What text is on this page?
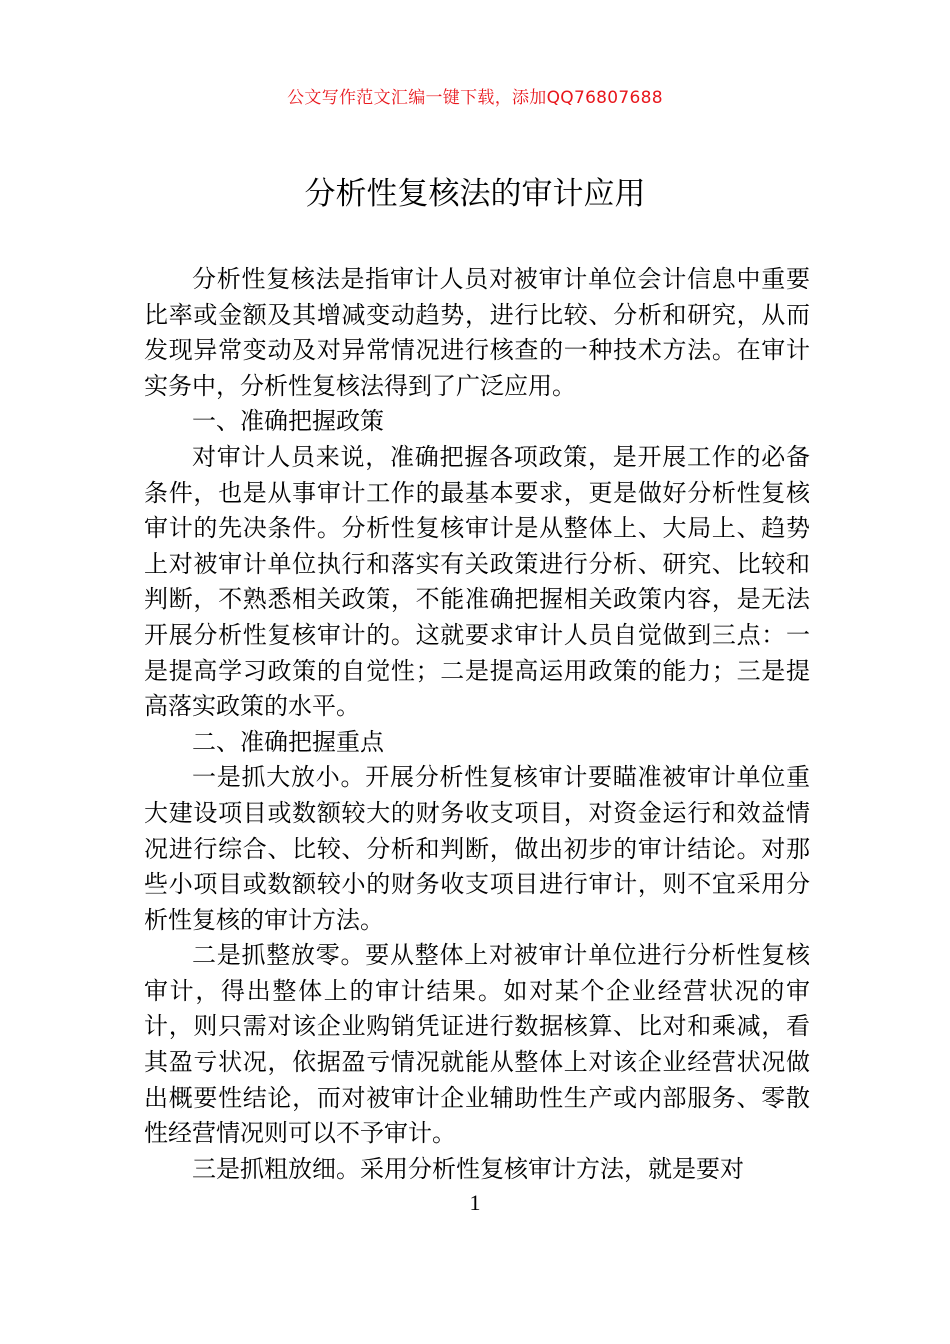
公文写作范文汇编一键下载，添加QQ76807688
分析性复核法的审计应用

分析性复核法是指审计人员对被审计单位会计信息中重要比率或金额及其增减变动趋势，进行比较、分析和研究，从而发现异常变动及对异常情况进行核查的一种技术方法。在审计实务中，分析性复核法得到了广泛应用。

一、准确把握政策

对审计人员来说，准确把握各项政策，是开展工作的必备条件，也是从事审计工作的最基本要求，更是做好分析性复核审计的先决条件。分析性复核审计是从整体上、大局上、趋势上对被审计单位执行和落实有关政策进行分析、研究、比较和判断，不熟悉相关政策，不能准确把握相关政策内容，是无法开展分析性复核审计的。这就要求审计人员自觉做到三点：一是提高学习政策的自觉性；二是提高运用政策的能力；三是提高落实政策的水平。

二、准确把握重点

一是抓大放小。开展分析性复核审计要瞄准被审计单位重大建设项目或数额较大的财务收支项目，对资金运行和效益情况进行综合、比较、分析和判断，做出初步的审计结论。对那些小项目或数额较小的财务收支项目进行审计，则不宜采用分析性复核的审计方法。

二是抓整放零。要从整体上对被审计单位进行分析性复核审计，得出整体上的审计结果。如对某个企业经营状况的审计，则只需对该企业购销凭证进行数据核算、比对和乘减，看其盈亏状况，依据盈亏情况就能从整体上对该企业经营状况做出概要性结论，而对被审计企业辅助性生产或内部服务、零散性经营情况则可以不予审计。

三是抓粗放细。采用分析性复核审计方法，就是要对

1
